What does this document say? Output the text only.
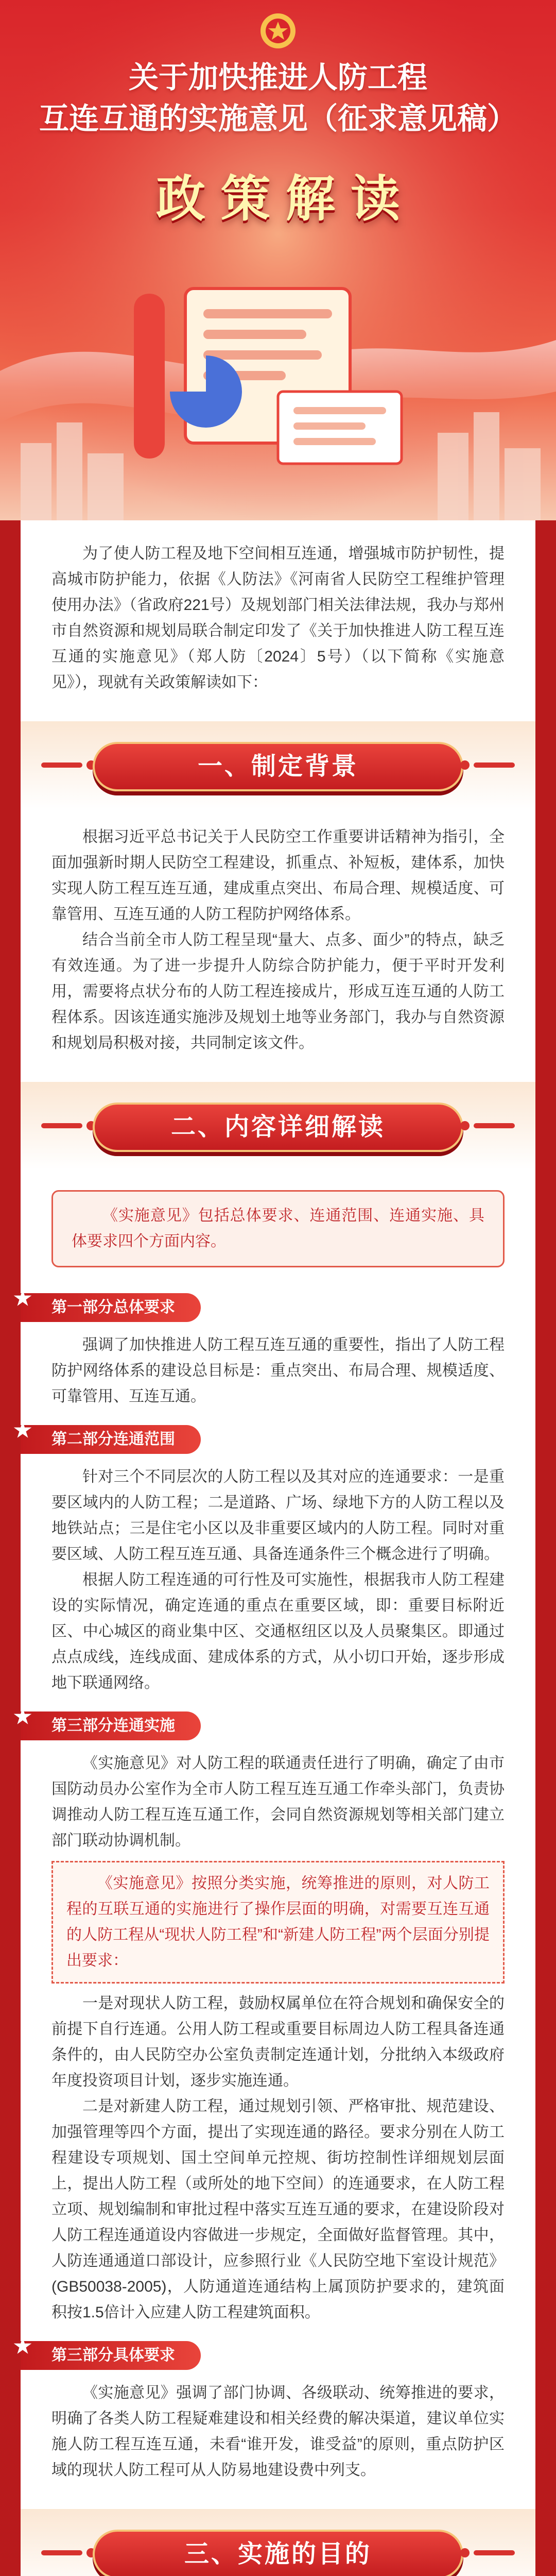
关于加快推进人防工程
互连互通的实施意见（征求意见稿）
政策解读

为了使人防工程及地下空间相互连通，增强城市防护韧性，提高城市防护能力，依据《人防法》《河南省人民防空工程维护管理使用办法》（省政府221号）及规划部门相关法律法规，我办与郑州市自然资源和规划局联合制定印发了《关于加快推进人防工程互连互通的实施意见》（郑人防〔2024〕5号）（以下简称《实施意见》），现就有关政策解读如下：

一、制定背景

根据习近平总书记关于人民防空工作重要讲话精神为指引，全面加强新时期人民防空工程建设，抓重点、补短板，建体系，加快实现人防工程互连互通，建成重点突出、布局合理、规模适度、可靠管用、互连互通的人防工程防护网络体系。

结合当前全市人防工程呈现“量大、点多、面少”的特点，缺乏有效连通。为了进一步提升人防综合防护能力，便于平时开发利用，需要将点状分布的人防工程连接成片，形成互连互通的人防工程体系。因该连通实施涉及规划土地等业务部门，我办与自然资源和规划局积极对接，共同制定该文件。

二、内容详细解读

《实施意见》包括总体要求、连通范围、连通实施、具体要求四个方面内容。

第一部分总体要求

强调了加快推进人防工程互连互通的重要性，指出了人防工程防护网络体系的建设总目标是：重点突出、布局合理、规模适度、可靠管用、互连互通。

第二部分连通范围

针对三个不同层次的人防工程以及其对应的连通要求：一是重要区域内的人防工程；二是道路、广场、绿地下方的人防工程以及地铁站点；三是住宅小区以及非重要区域内的人防工程。同时对重要区域、人防工程互连互通、具备连通条件三个概念进行了明确。

根据人防工程连通的可行性及可实施性，根据我市人防工程建设的实际情况，确定连通的重点在重要区域，即：重要目标附近区、中心城区的商业集中区、交通枢纽区以及人员聚集区。即通过点点成线，连线成面、建成体系的方式，从小切口开始，逐步形成地下联通网络。

第三部分连通实施

《实施意见》对人防工程的联通责任进行了明确，确定了由市国防动员办公室作为全市人防工程互连互通工作牵头部门，负责协调推动人防工程互连互通工作，会同自然资源规划等相关部门建立部门联动协调机制。

《实施意见》按照分类实施，统筹推进的原则，对人防工程的互联互通的实施进行了操作层面的明确，对需要互连互通的人防工程从“现状人防工程”和“新建人防工程”两个层面分别提出要求：

一是对现状人防工程，鼓励权属单位在符合规划和确保安全的前提下自行连通。公用人防工程或重要目标周边人防工程具备连通条件的，由人民防空办公室负责制定连通计划，分批纳入本级政府年度投资项目计划，逐步实施连通。

二是对新建人防工程，通过规划引领、严格审批、规范建设、加强管理等四个方面，提出了实现连通的路径。要求分别在人防工程建设专项规划、国土空间单元控规、街坊控制性详细规划层面上，提出人防工程（或所处的地下空间）的连通要求，在人防工程立项、规划编制和审批过程中落实互连互通的要求，在建设阶段对人防工程连通道设内容做进一步规定，全面做好监督管理。其中，人防连通通道口部设计，应参照行业《人民防空地下室设计规范》(GB50038-2005)，人防通道连通结构上属顶防护要求的，建筑面积按1.5倍计入应建人防工程建筑面积。

第三部分具体要求

《实施意见》强调了部门协调、各级联动、统筹推进的要求，明确了各类人防工程疑难建设和相关经费的解决渠道，建议单位实施人防工程互连互通，未看“谁开发，谁受益”的原则，重点防护区域的现状人防工程可从人防易地建设费中列支。

三、实施的目的
